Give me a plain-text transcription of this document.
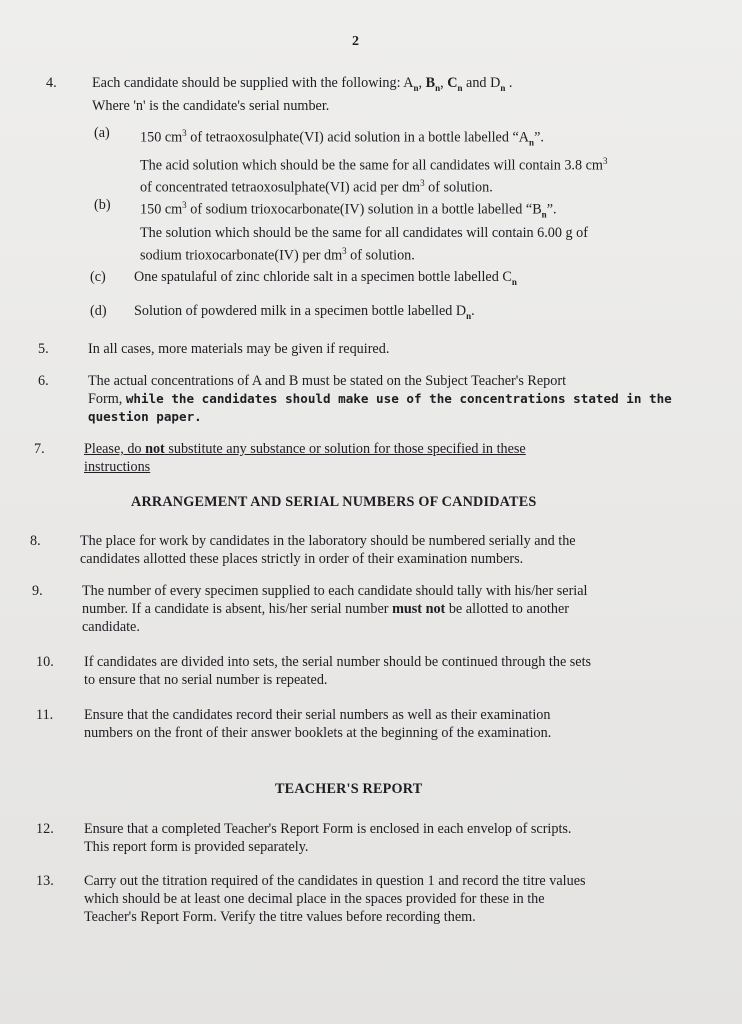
2
4. Each candidate should be supplied with the following: $A_n$, $B_n$, $C_n$ and $D_n$ .
Where 'n' is the candidate's serial number.
(a) 150 $cm^3$ of tetraoxosulphate(VI) acid solution in a bottle labelled “$A_n$”.
The acid solution which should be the same for all candidates will contain 3.8 $cm^3$
of concentrated tetraoxosulphate(VI) acid per $dm^3$ of solution.
(b) 150 $cm^3$ of sodium trioxocarbonate(IV) solution in a bottle labelled “$B_n$”.
The solution which should be the same for all candidates will contain 6.00 g of
sodium trioxocarbonate(IV) per $dm^3$ of solution.
(c) One spatulaful of zinc chloride salt in a specimen bottle labelled $C_n$
(d) Solution of powdered milk in a specimen bottle labelled $D_n$.
5.	In all cases, more materials may be given if required.
6.	The actual concentrations of A and B must be stated on the Subject Teacher's Report
Form, while the candidates should make use of the concentrations stated in the
question paper.
7.	Please, do not substitute any substance or solution for those specified in these
instructions
ARRANGEMENT AND SERIAL NUMBERS OF CANDIDATES
8.	The place for work by candidates in the laboratory should be numbered serially and the
candidates allotted these places strictly in order of their examination numbers.
9.	The number of every specimen supplied to each candidate should tally with his/her serial
number. If a candidate is absent, his/her serial number must not be allotted to another
candidate.
10. If candidates are divided into sets, the serial number should be continued through the sets
to ensure that no serial number is repeated.
11. Ensure that the candidates record their serial numbers as well as their examination
numbers on the front of their answer booklets at the beginning of the examination.
TEACHER'S REPORT
12. Ensure that a completed Teacher's Report Form is enclosed in each envelop of scripts.
This report form is provided separately.
13. Carry out the titration required of the candidates in question 1 and record the titre values
which should be at least one decimal place in the spaces provided for these in the
Teacher's Report Form. Verify the titre values before recording them.
